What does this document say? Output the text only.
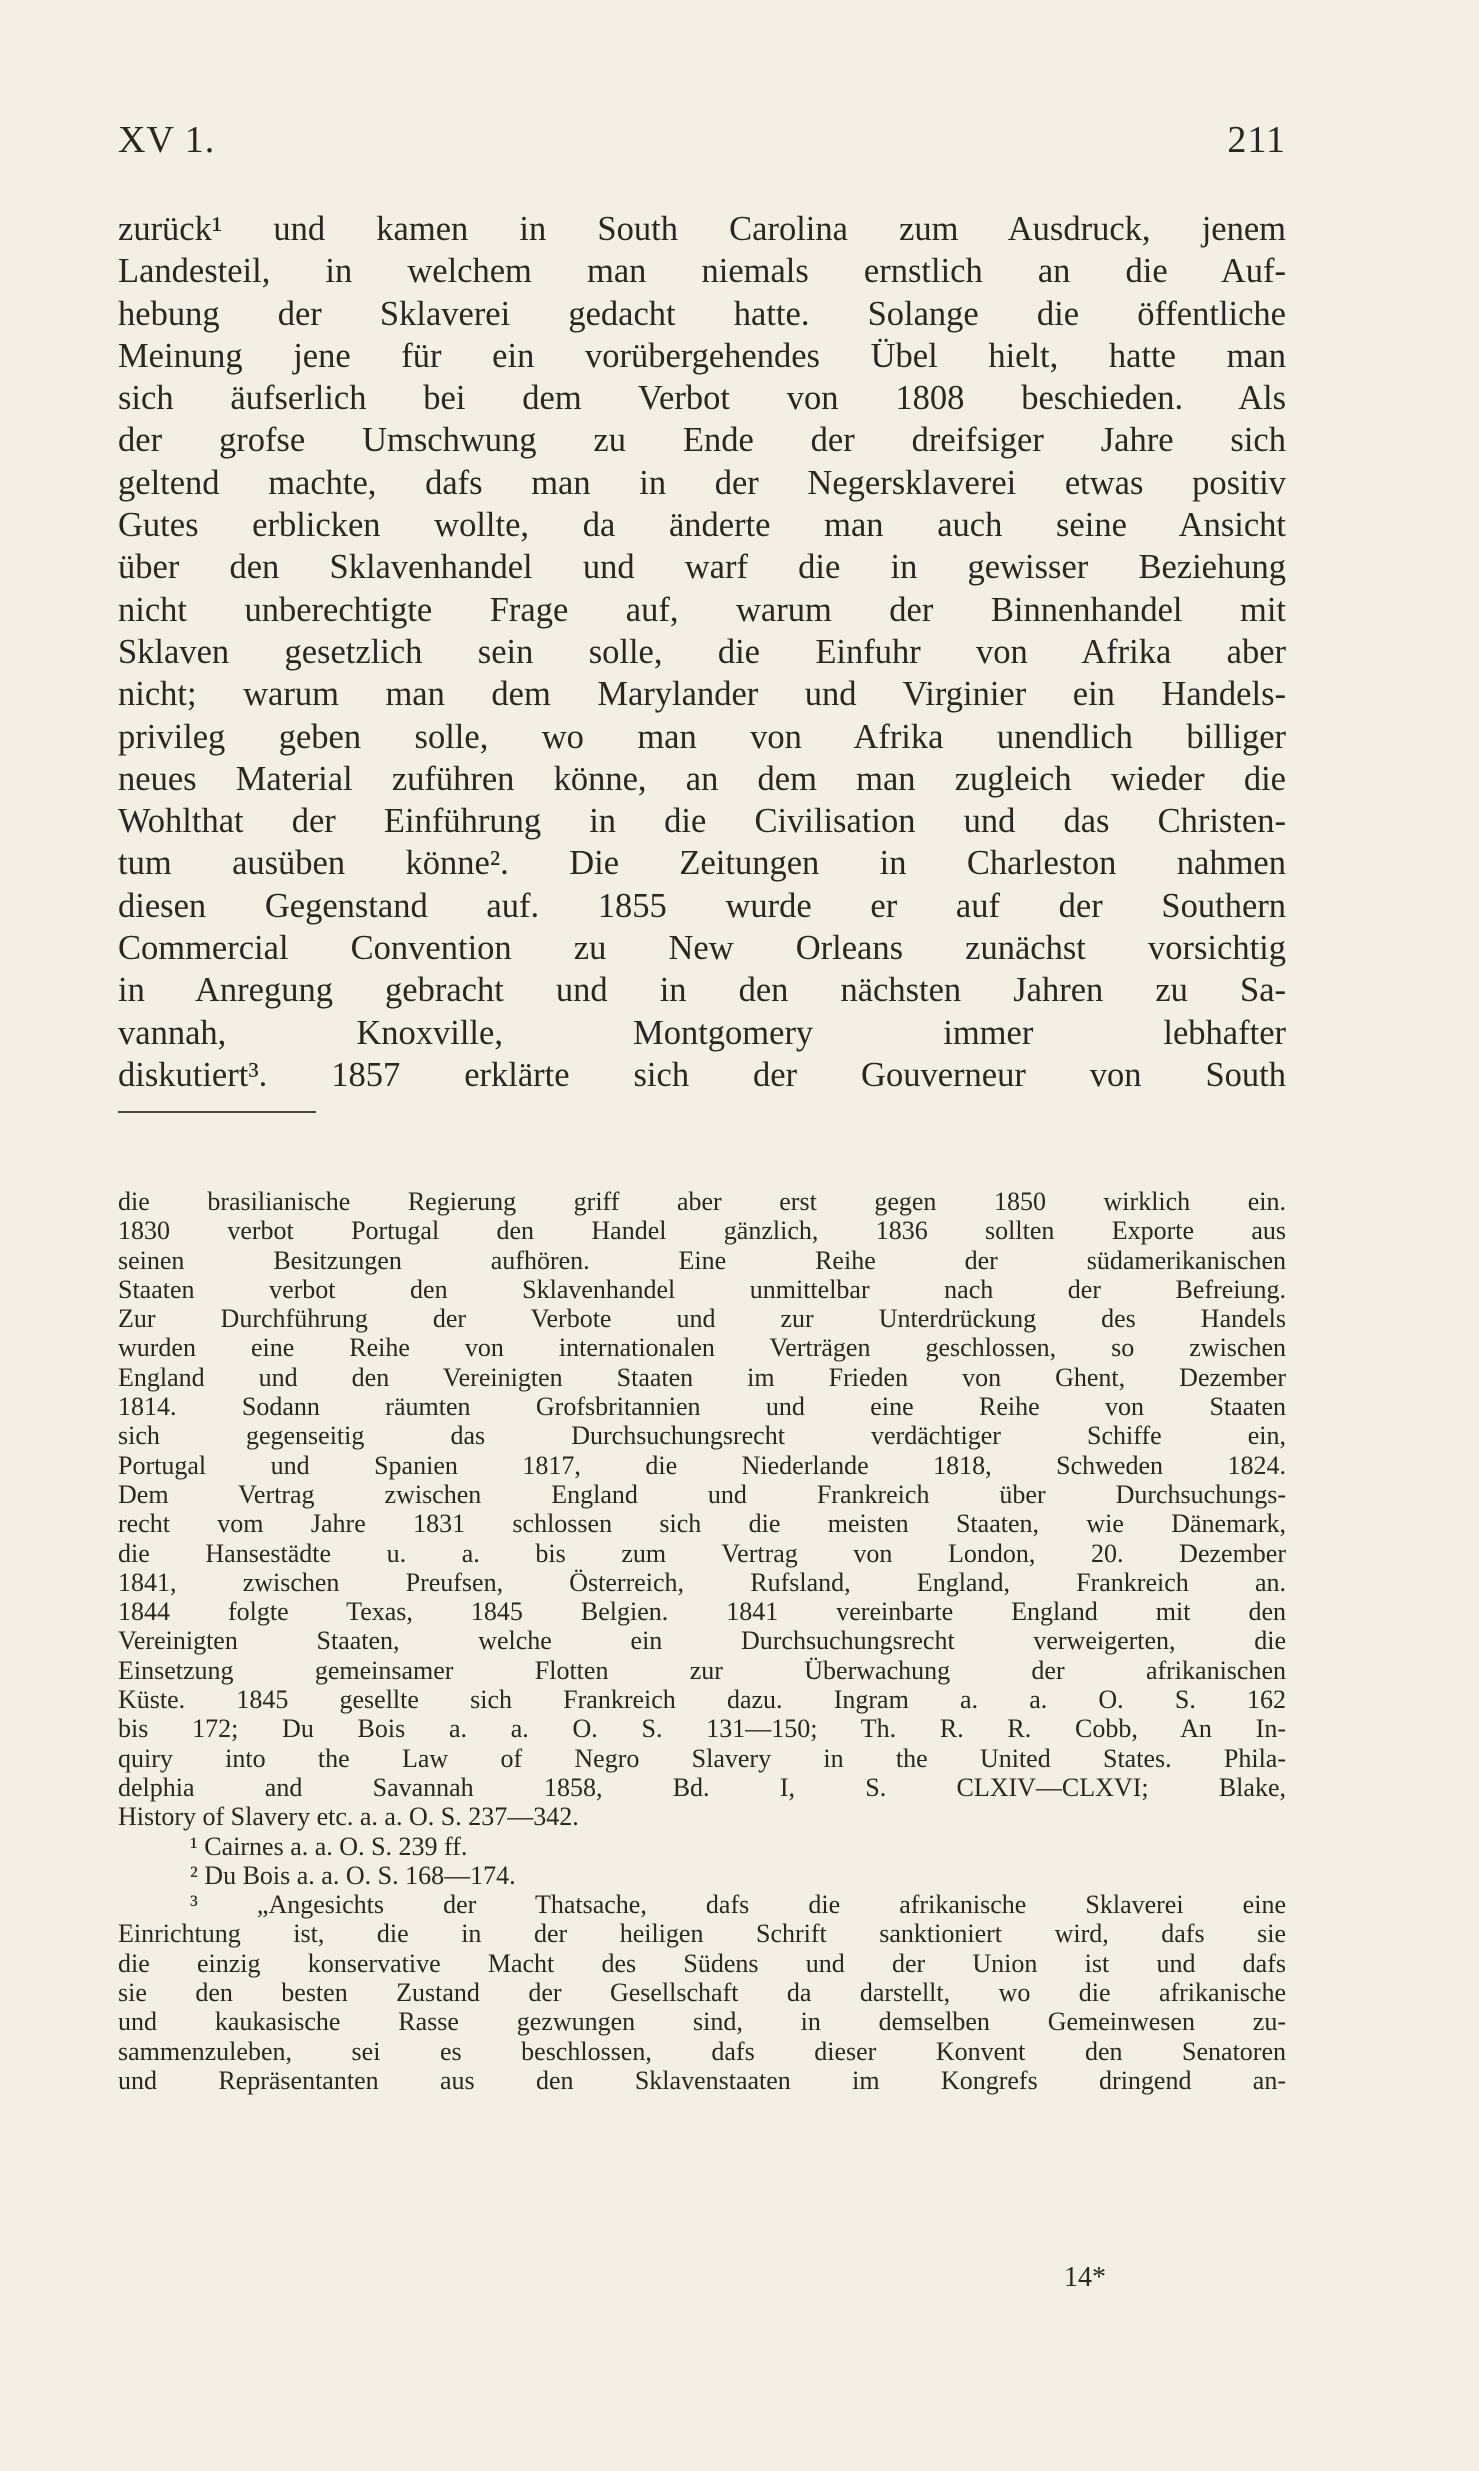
XV 1.	211
zurück¹ und kamen in South Carolina zum Ausdruck, jenem
Landesteil, in welchem man niemals ernstlich an die Auf-
hebung der Sklaverei gedacht hatte. Solange die öffentliche
Meinung jene für ein vorübergehendes Übel hielt, hatte man
sich äufserlich bei dem Verbot von 1808 beschieden. Als
der grofse Umschwung zu Ende der dreifsiger Jahre sich
geltend machte, dafs man in der Negersklaverei etwas positiv
Gutes erblicken wollte, da änderte man auch seine Ansicht
über den Sklavenhandel und warf die in gewisser Beziehung
nicht unberechtigte Frage auf, warum der Binnenhandel mit
Sklaven gesetzlich sein solle, die Einfuhr von Afrika aber
nicht; warum man dem Marylander und Virginier ein Handels-
privileg geben solle, wo man von Afrika unendlich billiger
neues Material zuführen könne, an dem man zugleich wieder die
Wohlthat der Einführung in die Civilisation und das Christen-
tum ausüben könne². Die Zeitungen in Charleston nahmen
diesen Gegenstand auf. 1855 wurde er auf der Southern
Commercial Convention zu New Orleans zunächst vorsichtig
in Anregung gebracht und in den nächsten Jahren zu Sa-
vannah, Knoxville, Montgomery immer lebhafter
diskutiert³. 1857 erklärte sich der Gouverneur von South
die brasilianische Regierung griff aber erst gegen 1850 wirklich ein.
1830 verbot Portugal den Handel gänzlich, 1836 sollten Exporte aus
seinen Besitzungen aufhören. Eine Reihe der südamerikanischen
Staaten verbot den Sklavenhandel unmittelbar nach der Befreiung.
Zur Durchführung der Verbote und zur Unterdrückung des Handels
wurden eine Reihe von internationalen Verträgen geschlossen, so zwischen
England und den Vereinigten Staaten im Frieden von Ghent, Dezember
1814. Sodann räumten Grofsbritannien und eine Reihe von Staaten
sich gegenseitig das Durchsuchungsrecht verdächtiger Schiffe ein,
Portugal und Spanien 1817, die Niederlande 1818, Schweden 1824.
Dem Vertrag zwischen England und Frankreich über Durchsuchungs-
recht vom Jahre 1831 schlossen sich die meisten Staaten, wie Dänemark,
die Hansestädte u. a. bis zum Vertrag von London, 20. Dezember
1841, zwischen Preufsen, Österreich, Rufsland, England, Frankreich an.
1844 folgte Texas, 1845 Belgien. 1841 vereinbarte England mit den
Vereinigten Staaten, welche ein Durchsuchungsrecht verweigerten, die
Einsetzung gemeinsamer Flotten zur Überwachung der afrikanischen
Küste. 1845 gesellte sich Frankreich dazu. Ingram a. a. O. S. 162
bis 172; Du Bois a. a. O. S. 131—150; Th. R. R. Cobb, An In-
quiry into the Law of Negro Slavery in the United States. Phila-
delphia and Savannah 1858, Bd. I, S. CLXIV—CLXVI; Blake,
History of Slavery etc. a. a. O. S. 237—342.
¹ Cairnes a. a. O. S. 239 ff.
² Du Bois a. a. O. S. 168—174.
³ „Angesichts der Thatsache, dafs die afrikanische Sklaverei eine
Einrichtung ist, die in der heiligen Schrift sanktioniert wird, dafs sie
die einzig konservative Macht des Südens und der Union ist und dafs
sie den besten Zustand der Gesellschaft da darstellt, wo die afrikanische
und kaukasische Rasse gezwungen sind, in demselben Gemeinwesen zu-
sammenzuleben, sei es beschlossen, dafs dieser Konvent den Senatoren
und Repräsentanten aus den Sklavenstaaten im Kongrefs dringend an-
14*
